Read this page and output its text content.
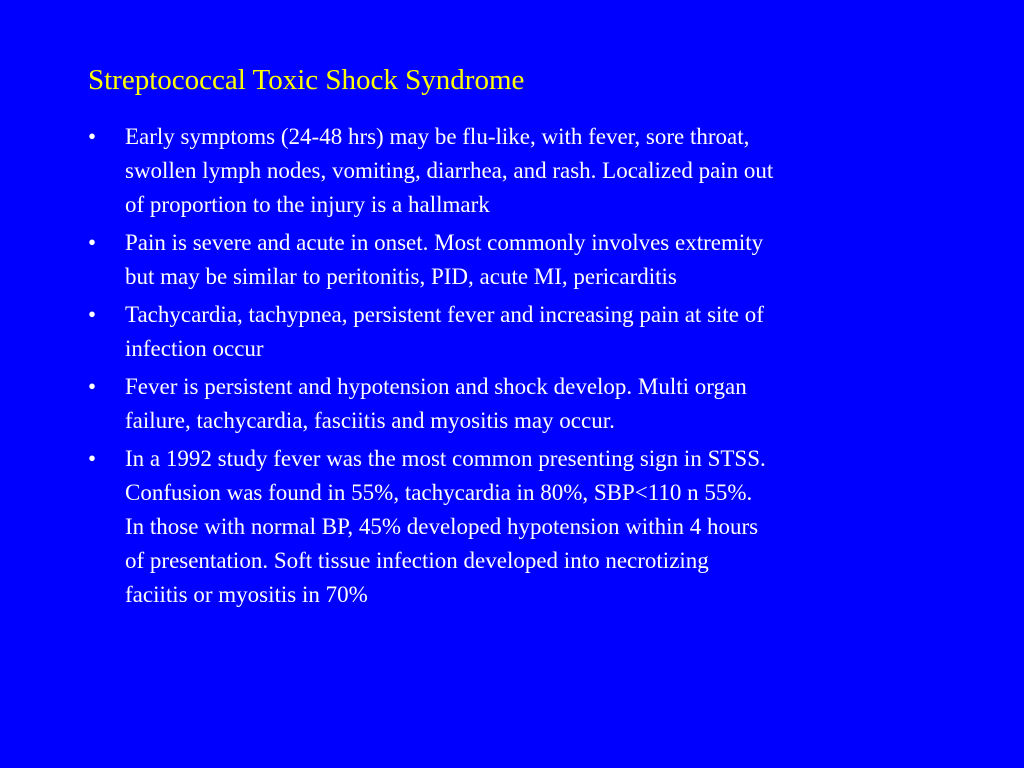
Streptococcal Toxic Shock Syndrome
• Early symptoms (24-48 hrs) may be flu-like, with fever, sore throat,
swollen lymph nodes, vomiting, diarrhea, and rash. Localized pain out
of proportion to the injury is a hallmark
• Pain is severe and acute in onset. Most commonly involves extremity
but may be similar to peritonitis, PID, acute MI, pericarditis
• Tachycardia, tachypnea, persistent fever and increasing pain at site of
infection occur
• Fever is persistent and hypotension and shock develop. Multi organ
failure, tachycardia, fasciitis and myositis may occur.
• In a 1992 study fever was the most common presenting sign in STSS.
Confusion was found in 55%, tachycardia in 80%, SBP<110 n 55%.
In those with normal BP, 45% developed hypotension within 4 hours
of presentation. Soft tissue infection developed into necrotizing
faciitis or myositis in 70%
